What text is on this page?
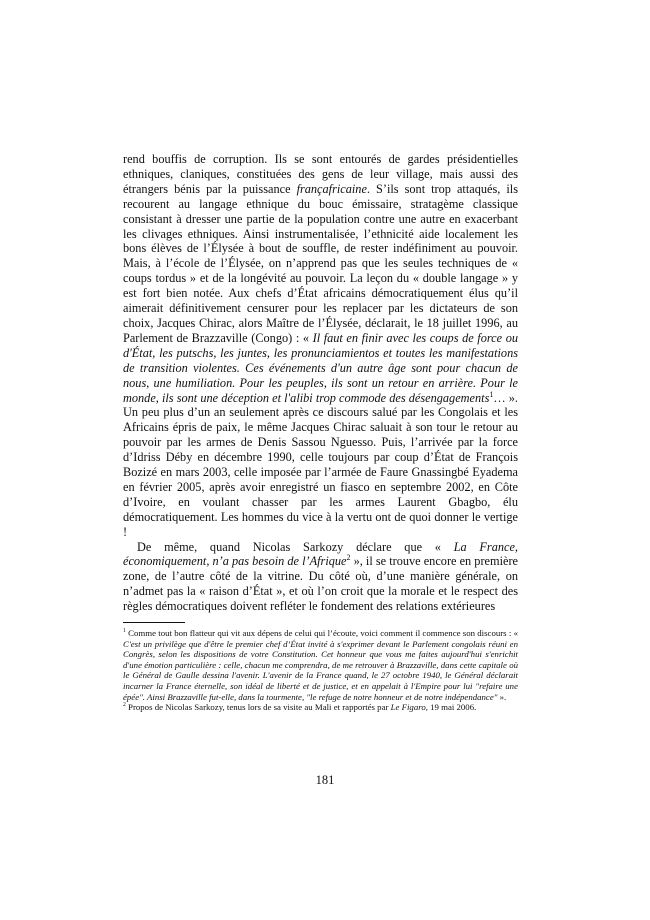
rend bouffis de corruption. Ils se sont entourés de gardes présidentielles ethniques, claniques, constituées des gens de leur village, mais aussi des étrangers bénis par la puissance françafricaine. S’ils sont trop attaqués, ils recourent au langage ethnique du bouc émissaire, stratagème classique consistant à dresser une partie de la population contre une autre en exacerbant les clivages ethniques. Ainsi instrumentalisée, l’ethnicité aide localement les bons élèves de l’Élysée à bout de souffle, de rester indéfiniment au pouvoir. Mais, à l’école de l’Élysée, on n’apprend pas que les seules techniques de « coups tordus » et de la longévité au pouvoir. La leçon du « double langage » y est fort bien notée. Aux chefs d’État africains démocratiquement élus qu’il aimerait définitivement censurer pour les replacer par les dictateurs de son choix, Jacques Chirac, alors Maître de l’Élysée, déclarait, le 18 juillet 1996, au Parlement de Brazzaville (Congo) : « Il faut en finir avec les coups de force ou d'État, les putschs, les juntes, les pronunciamientos et toutes les manifestations de transition violentes. Ces événements d'un autre âge sont pour chacun de nous, une humiliation. Pour les peuples, ils sont un retour en arrière. Pour le monde, ils sont une déception et l'alibi trop commode des désengagements$^1$… ». Un peu plus d’un an seulement après ce discours salué par les Congolais et les Africains épris de paix, le même Jacques Chirac saluait à son tour le retour au pouvoir par les armes de Denis Sassou Nguesso. Puis, l’arrivée par la force d’Idriss Déby en décembre 1990, celle toujours par coup d’État de François Bozizé en mars 2003, celle imposée par l’armée de Faure Gnassingbé Eyadema en février 2005, après avoir enregistré un fiasco en septembre 2002, en Côte d’Ivoire, en voulant chasser par les armes Laurent Gbagbo, élu démocratiquement. Les hommes du vice à la vertu ont de quoi donner le vertige !

De même, quand Nicolas Sarkozy déclare que « La France, économiquement, n’a pas besoin de l’Afrique$^2$ », il se trouve encore en première zone, de l’autre côté de la vitrine. Du côté où, d’une manière générale, on n’admet pas la « raison d’État », et où l’on croit que la morale et le respect des règles démocratiques doivent refléter le fondement des relations extérieures

$^1$ Comme tout bon flatteur qui vit aux dépens de celui qui l’écoute, voici comment il commence son discours : « C'est un privilège que d'être le premier chef d’État invité à s'exprimer devant le Parlement congolais réuni en Congrès, selon les dispositions de votre Constitution. Cet honneur que vous me faites aujourd'hui s'enrichit d'une émotion particulière : celle, chacun me comprendra, de me retrouver à Brazzaville, dans cette capitale où le Général de Gaulle dessina l'avenir. L'avenir de la France quand, le 27 octobre 1940, le Général déclarait incarner la France éternelle, son idéal de liberté et de justice, et en appelait à l'Empire pour lui "refaire une épée". Ainsi Brazzaville fut-elle, dans la tourmente, "le refuge de notre honneur et de notre indépendance" ».

$^2$ Propos de Nicolas Sarkozy, tenus lors de sa visite au Mali et rapportés par Le Figaro, 19 mai 2006.

181
